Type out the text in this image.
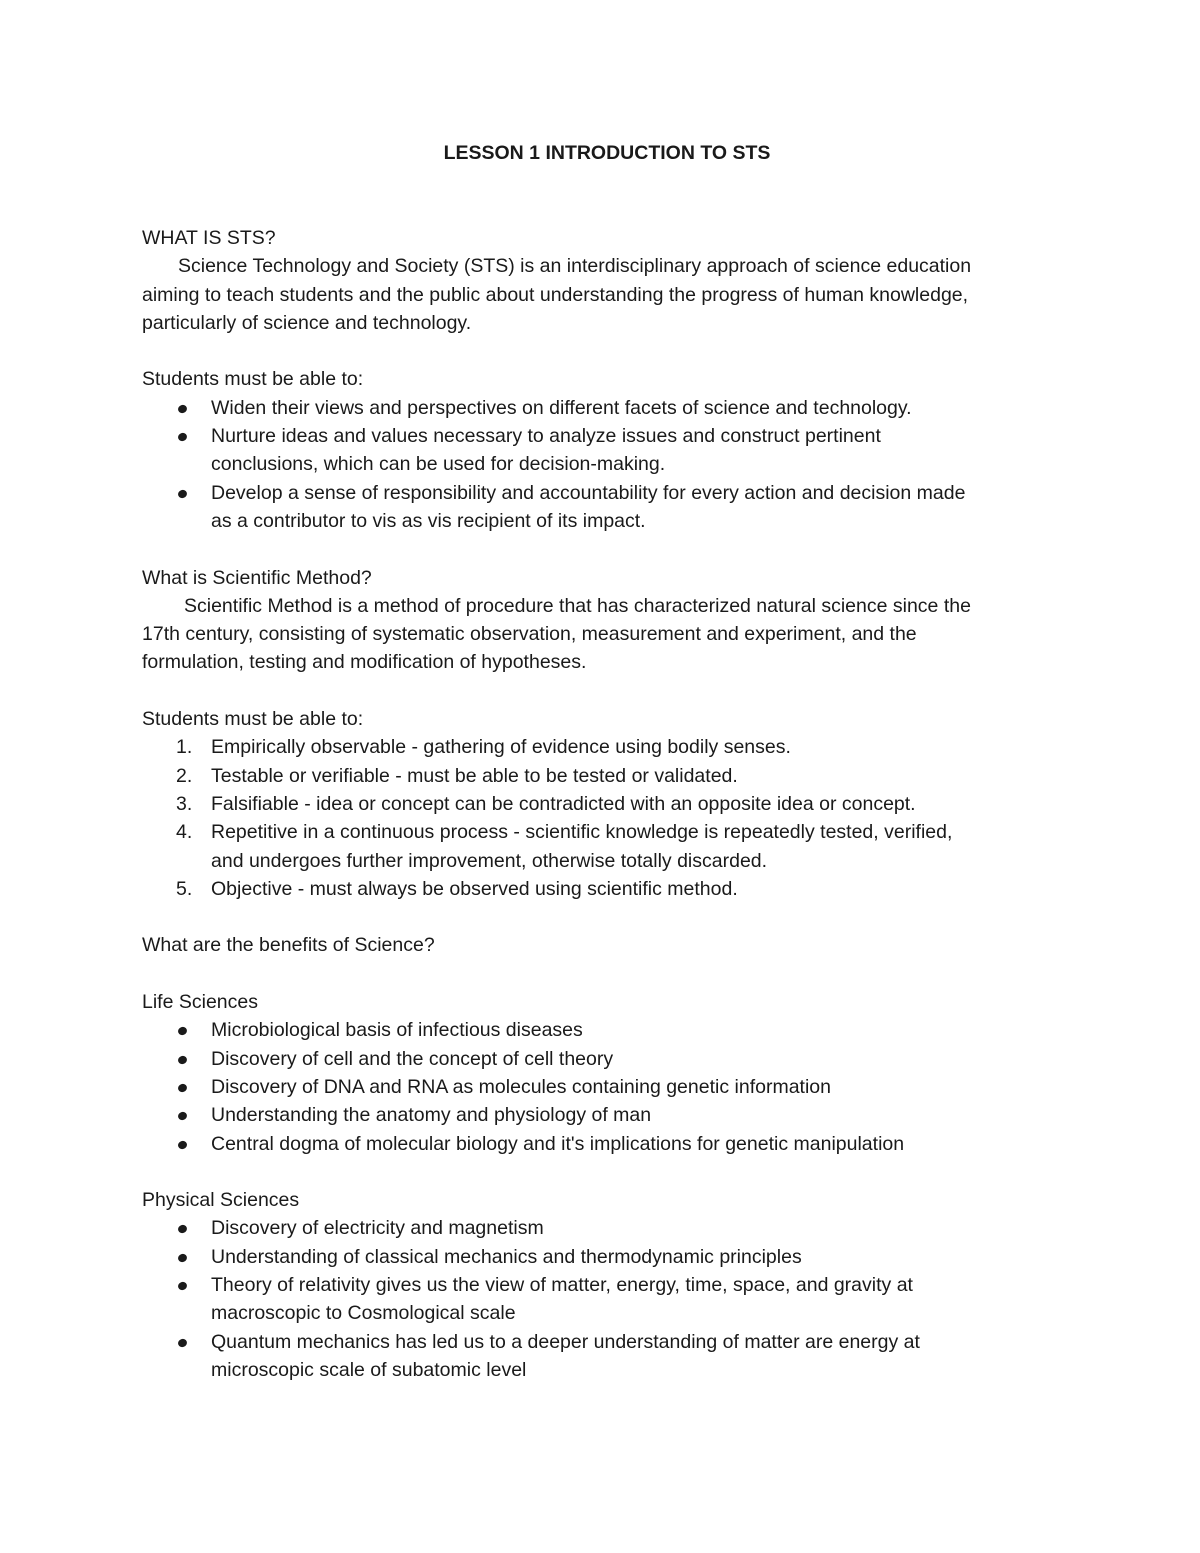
LESSON 1 INTRODUCTION TO STS
WHAT IS STS?
Science Technology and Society (STS) is an interdisciplinary approach of science education
aiming to teach students and the public about understanding the progress of human knowledge,
particularly of science and technology.
Students must be able to:
Widen their views and perspectives on different facets of science and technology.
Nurture ideas and values necessary to analyze issues and construct pertinent
conclusions, which can be used for decision-making.
Develop a sense of responsibility and accountability for every action and decision made
as a contributor to vis as vis recipient of its impact.
What is Scientific Method?
Scientific Method is a method of procedure that has characterized natural science since the
17th century, consisting of systematic observation, measurement and experiment, and the
formulation, testing and modification of hypotheses.
Students must be able to:
1. Empirically observable - gathering of evidence using bodily senses.
2. Testable or verifiable - must be able to be tested or validated.
3. Falsifiable - idea or concept can be contradicted with an opposite idea or concept.
4. Repetitive in a continuous process - scientific knowledge is repeatedly tested, verified,
and undergoes further improvement, otherwise totally discarded.
5. Objective - must always be observed using scientific method.
What are the benefits of Science?
Life Sciences
Microbiological basis of infectious diseases
Discovery of cell and the concept of cell theory
Discovery of DNA and RNA as molecules containing genetic information
Understanding the anatomy and physiology of man
Central dogma of molecular biology and it's implications for genetic manipulation
Physical Sciences
Discovery of electricity and magnetism
Understanding of classical mechanics and thermodynamic principles
Theory of relativity gives us the view of matter, energy, time, space, and gravity at
macroscopic to Cosmological scale
Quantum mechanics has led us to a deeper understanding of matter are energy at
microscopic scale of subatomic level
